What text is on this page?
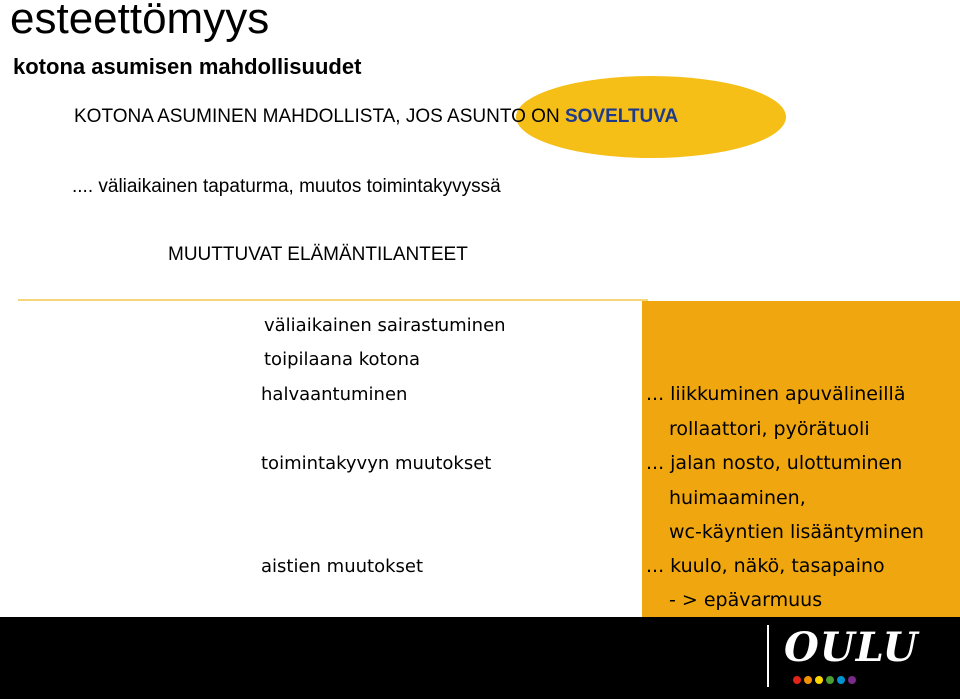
esteettömyys
kotona asumisen mahdollisuudet
KOTONA ASUMINEN MAHDOLLISTA, JOS ASUNTO ON SOVELTUVA
.... väliaikainen tapaturma, muutos toimintakyvyssä
MUUTTUVAT ELÄMÄNTILANTEET
väliaikainen sairastuminen
toipilaana kotona
halvaantuminen
toimintakyvyn muutokset
aistien muutokset
... liikkuminen apuvälineillä
rollaattori, pyörätuoli
... jalan nosto, ulottuminen
huimaaminen,
wc-käyntien lisääntyminen
... kuulo, näkö, tasapaino
- > epävarmuus
OULU
